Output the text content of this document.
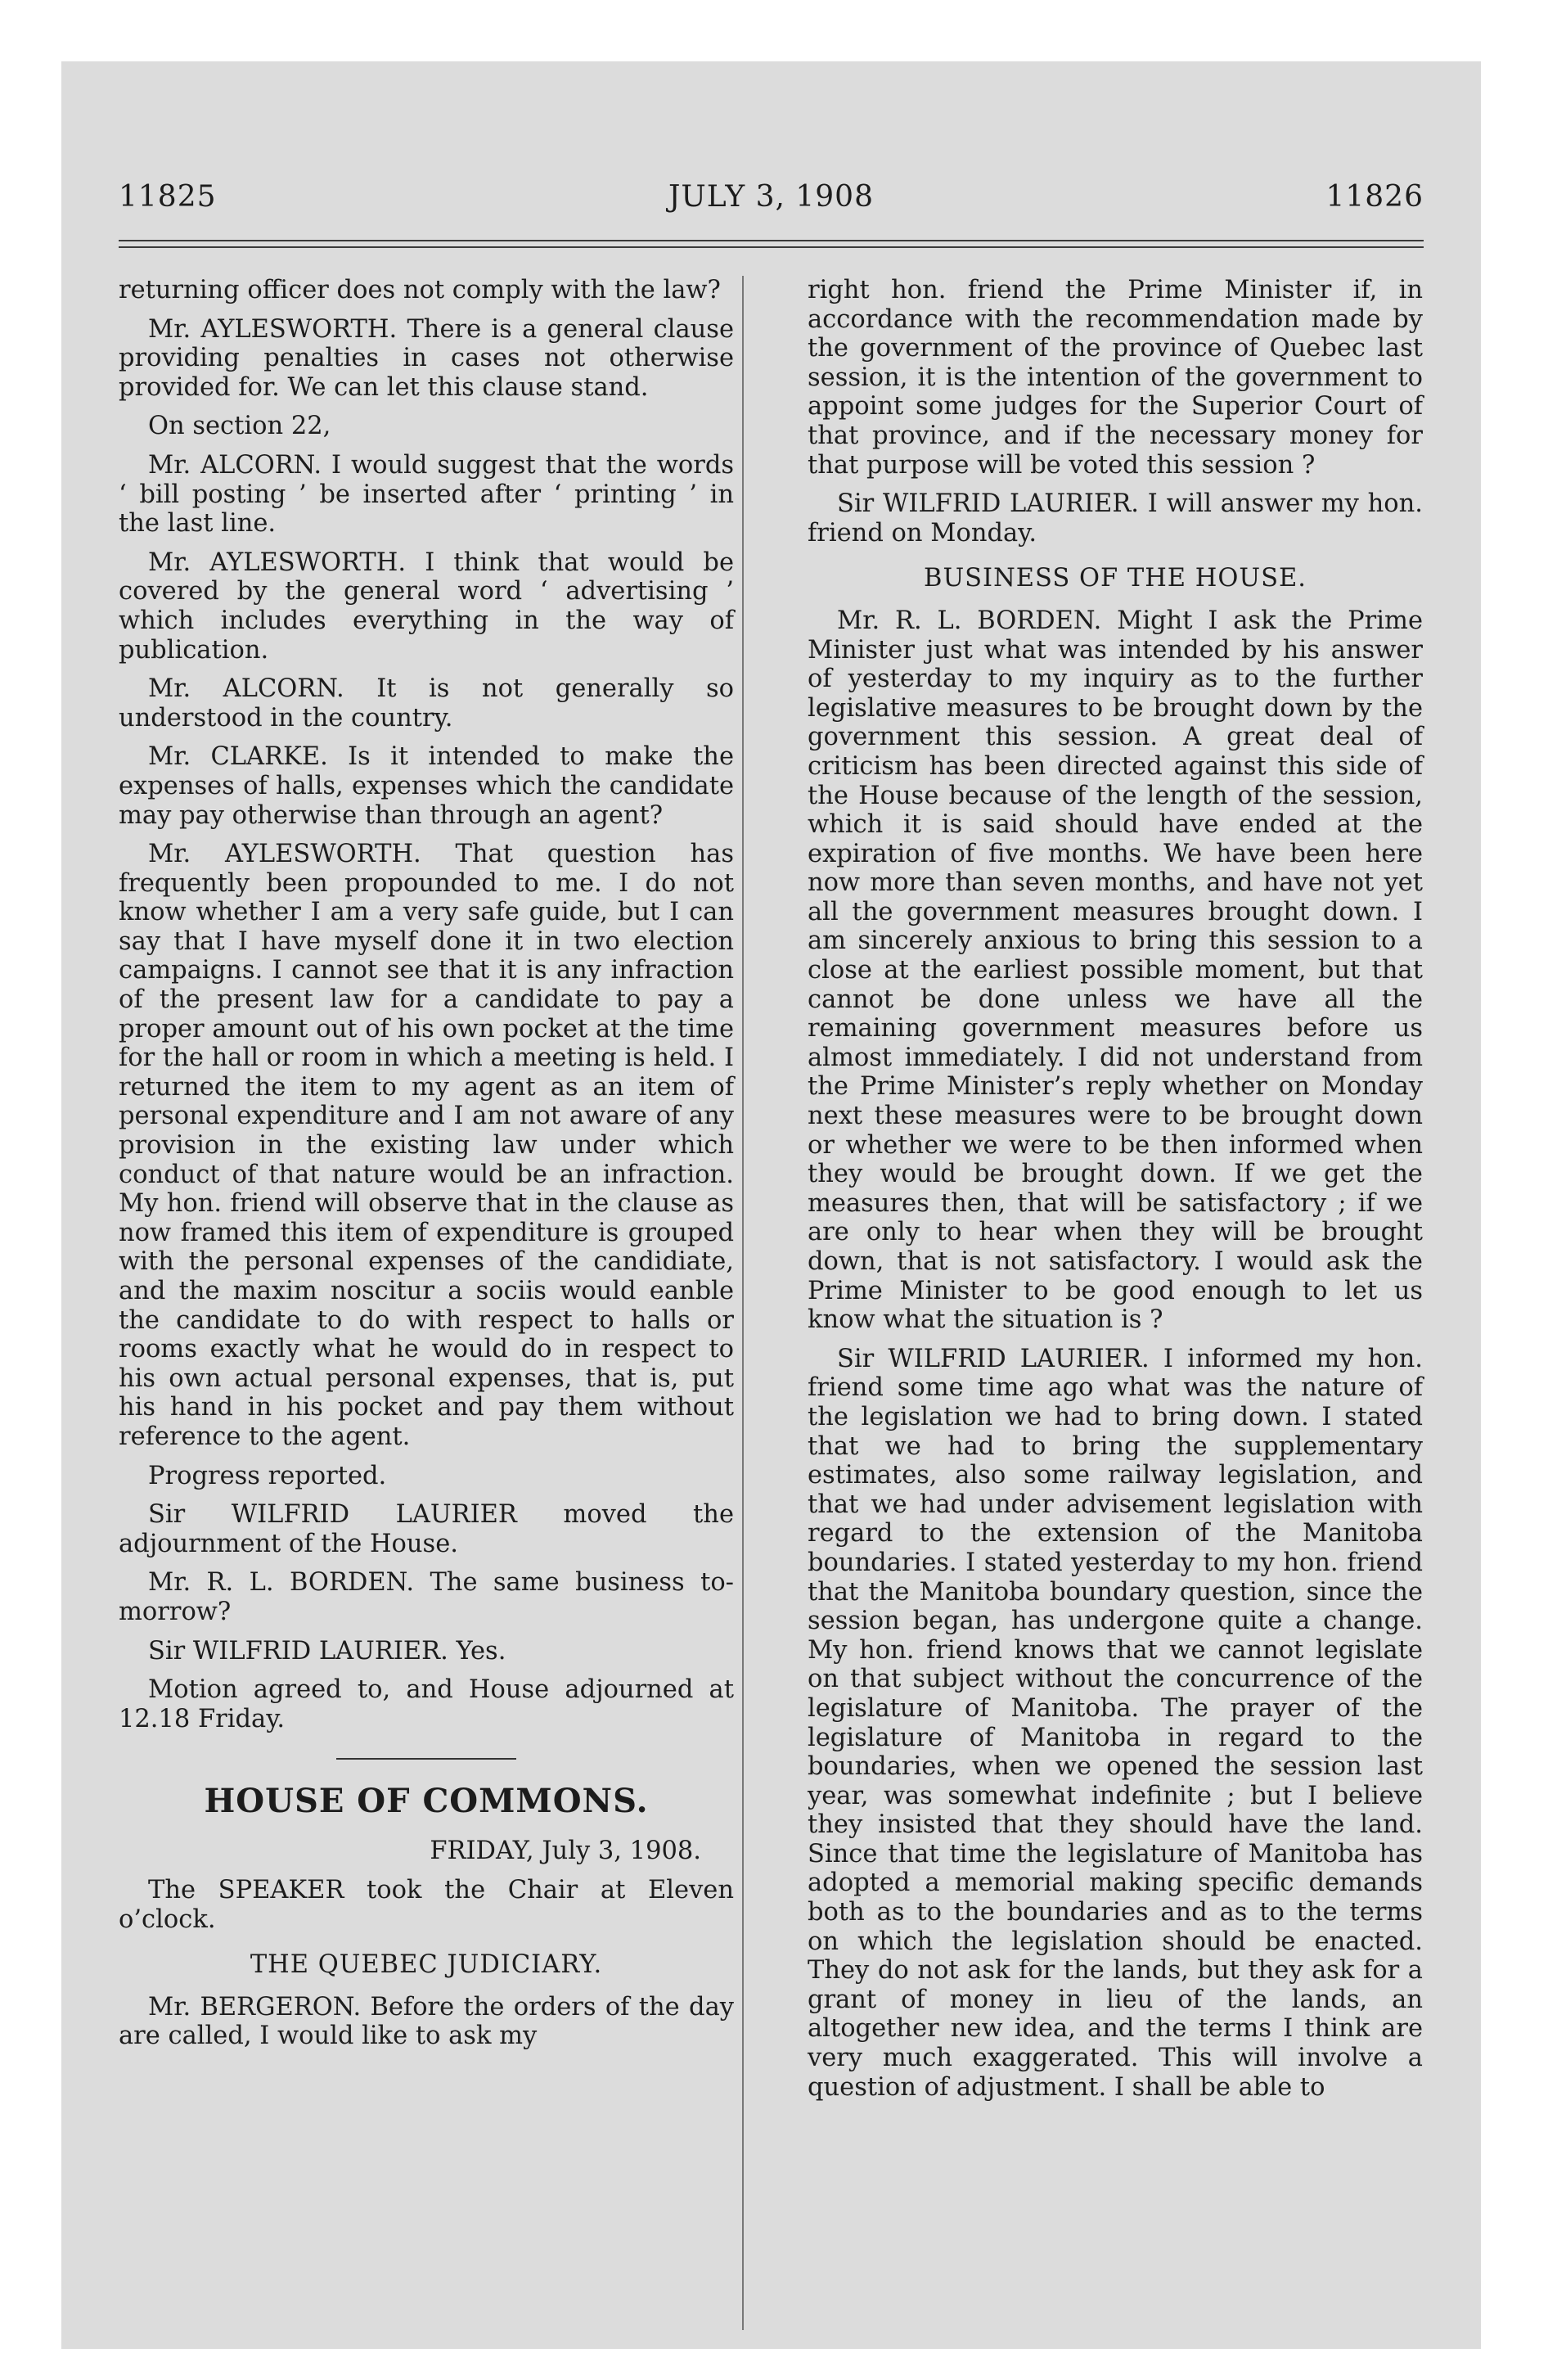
11825	JULY 3, 1908	11826

returning officer does not comply with the law?

Mr. AYLESWORTH. There is a general clause providing penalties in cases not otherwise provided for. We can let this clause stand.

On section 22,

Mr. ALCORN. I would suggest that the words ‘ bill posting ’ be inserted after ‘ printing ’ in the last line.

Mr. AYLESWORTH. I think that would be covered by the general word ‘ advertising ’ which includes everything in the way of publication.

Mr. ALCORN. It is not generally so understood in the country.

Mr. CLARKE. Is it intended to make the expenses of halls, expenses which the candidate may pay otherwise than through an agent?

Mr. AYLESWORTH. That question has frequently been propounded to me. I do not know whether I am a very safe guide, but I can say that I have myself done it in two election campaigns. I cannot see that it is any infraction of the present law for a candidate to pay a proper amount out of his own pocket at the time for the hall or room in which a meeting is held. I returned the item to my agent as an item of personal expenditure and I am not aware of any provision in the existing law under which conduct of that nature would be an infraction. My hon. friend will observe that in the clause as now framed this item of expenditure is grouped with the personal expenses of the candidiate, and the maxim noscitur a sociis would eanble the candidate to do with respect to halls or rooms exactly what he would do in respect to his own actual personal expenses, that is, put his hand in his pocket and pay them without reference to the agent.

Progress reported.

Sir WILFRID LAURIER moved the adjournment of the House.

Mr. R. L. BORDEN. The same business to-morrow?

Sir WILFRID LAURIER. Yes.

Motion agreed to, and House adjourned at 12.18 Friday.

HOUSE OF COMMONS.

FRIDAY, July 3, 1908.

The SPEAKER took the Chair at Eleven o’clock.

THE QUEBEC JUDICIARY.

Mr. BERGERON. Before the orders of the day are called, I would like to ask my

right hon. friend the Prime Minister if, in accordance with the recommendation made by the government of the province of Quebec last session, it is the intention of the government to appoint some judges for the Superior Court of that province, and if the necessary money for that purpose will be voted this session ?

Sir WILFRID LAURIER. I will answer my hon. friend on Monday.

BUSINESS OF THE HOUSE.

Mr. R. L. BORDEN. Might I ask the Prime Minister just what was intended by his answer of yesterday to my inquiry as to the further legislative measures to be brought down by the government this session. A great deal of criticism has been directed against this side of the House because of the length of the session, which it is said should have ended at the expiration of five months. We have been here now more than seven months, and have not yet all the government measures brought down. I am sincerely anxious to bring this session to a close at the earliest possible moment, but that cannot be done unless we have all the remaining government measures before us almost immediately. I did not understand from the Prime Minister’s reply whether on Monday next these measures were to be brought down or whether we were to be then informed when they would be brought down. If we get the measures then, that will be satisfactory ; if we are only to hear when they will be brought down, that is not satisfactory. I would ask the Prime Minister to be good enough to let us know what the situation is ?

Sir WILFRID LAURIER. I informed my hon. friend some time ago what was the nature of the legislation we had to bring down. I stated that we had to bring the supplementary estimates, also some railway legislation, and that we had under advisement legislation with regard to the extension of the Manitoba boundaries. I stated yesterday to my hon. friend that the Manitoba boundary question, since the session began, has undergone quite a change. My hon. friend knows that we cannot legislate on that subject without the concurrence of the legislature of Manitoba. The prayer of the legislature of Manitoba in regard to the boundaries, when we opened the session last year, was somewhat indefinite ; but I believe they insisted that they should have the land. Since that time the legislature of Manitoba has adopted a memorial making specific demands both as to the boundaries and as to the terms on which the legislation should be enacted. They do not ask for the lands, but they ask for a grant of money in lieu of the lands, an altogether new idea, and the terms I think are very much exaggerated. This will involve a question of adjustment. I shall be able to
